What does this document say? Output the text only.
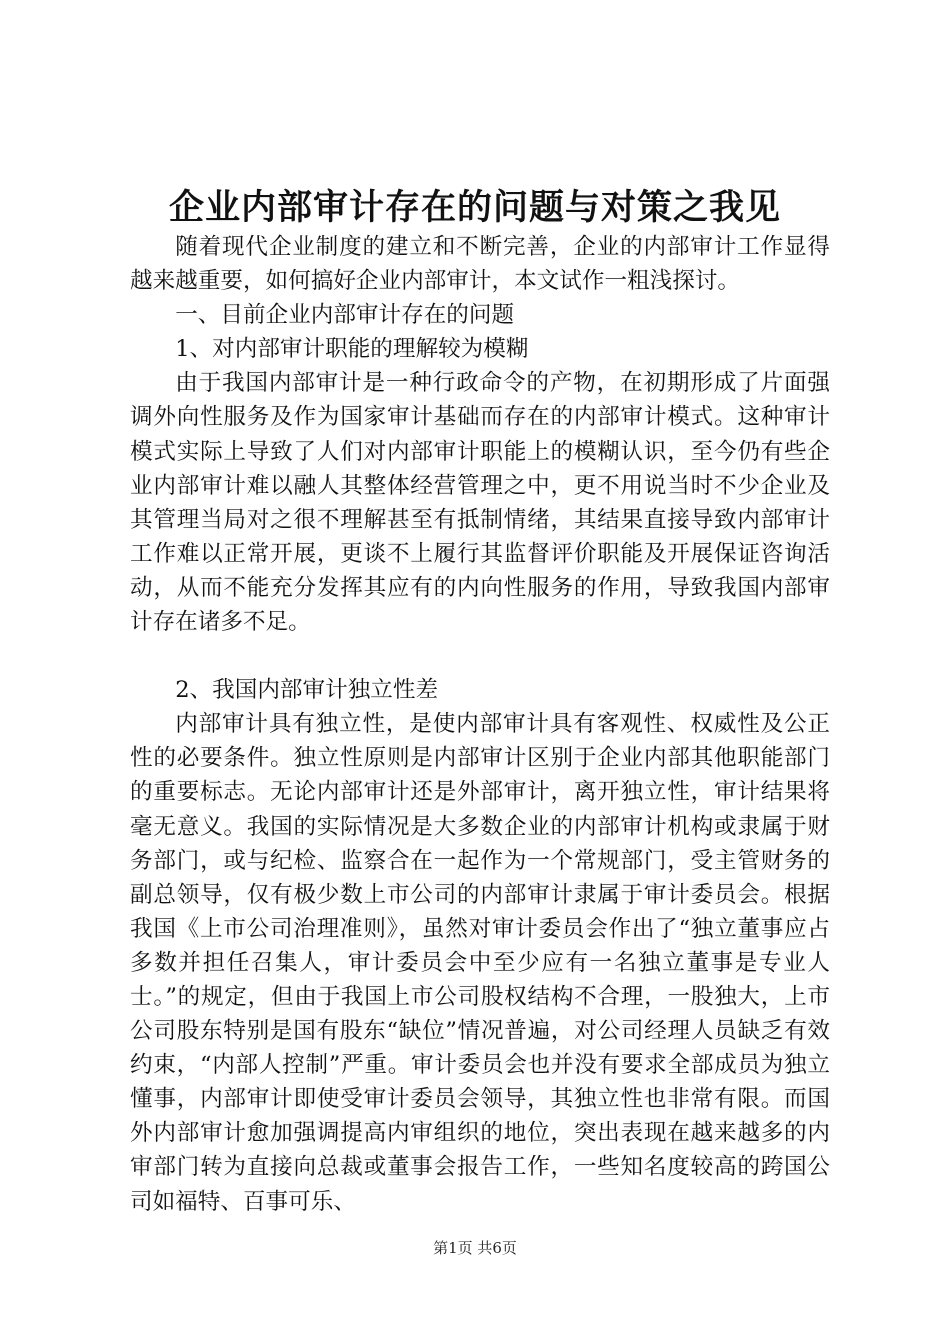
企业内部审计存在的问题与对策之我见

随着现代企业制度的建立和不断完善，企业的内部审计工作显得越来越重要，如何搞好企业内部审计，本文试作一粗浅探讨。

一、目前企业内部审计存在的问题

1、对内部审计职能的理解较为模糊

由于我国内部审计是一种行政命令的产物，在初期形成了片面强调外向性服务及作为国家审计基础而存在的内部审计模式。这种审计模式实际上导致了人们对内部审计职能上的模糊认识，至今仍有些企业内部审计难以融人其整体经营管理之中，更不用说当时不少企业及其管理当局对之很不理解甚至有抵制情绪，其结果直接导致内部审计工作难以正常开展，更谈不上履行其监督评价职能及开展保证咨询活动，从而不能充分发挥其应有的内向性服务的作用，导致我国内部审计存在诸多不足。

2、我国内部审计独立性差

内部审计具有独立性，是使内部审计具有客观性、权威性及公正性的必要条件。独立性原则是内部审计区别于企业内部其他职能部门的重要标志。无论内部审计还是外部审计，离开独立性，审计结果将毫无意义。我国的实际情况是大多数企业的内部审计机构或隶属于财务部门，或与纪检、监察合在一起作为一个常规部门，受主管财务的副总领导，仅有极少数上市公司的内部审计隶属于审计委员会。根据我国《上市公司治理准则》，虽然对审计委员会作出了“独立董事应占多数并担任召集人，审计委员会中至少应有一名独立董事是专业人士。”的规定，但由于我国上市公司股权结构不合理，一股独大，上市公司股东特别是国有股东“缺位”情况普遍，对公司经理人员缺乏有效约束，“内部人控制”严重。审计委员会也并没有要求全部成员为独立懂事，内部审计即使受审计委员会领导，其独立性也非常有限。而国外内部审计愈加强调提高内审组织的地位，突出表现在越来越多的内审部门转为直接向总裁或董事会报告工作，一些知名度较高的跨国公司如福特、百事可乐、

第1页 共6页
